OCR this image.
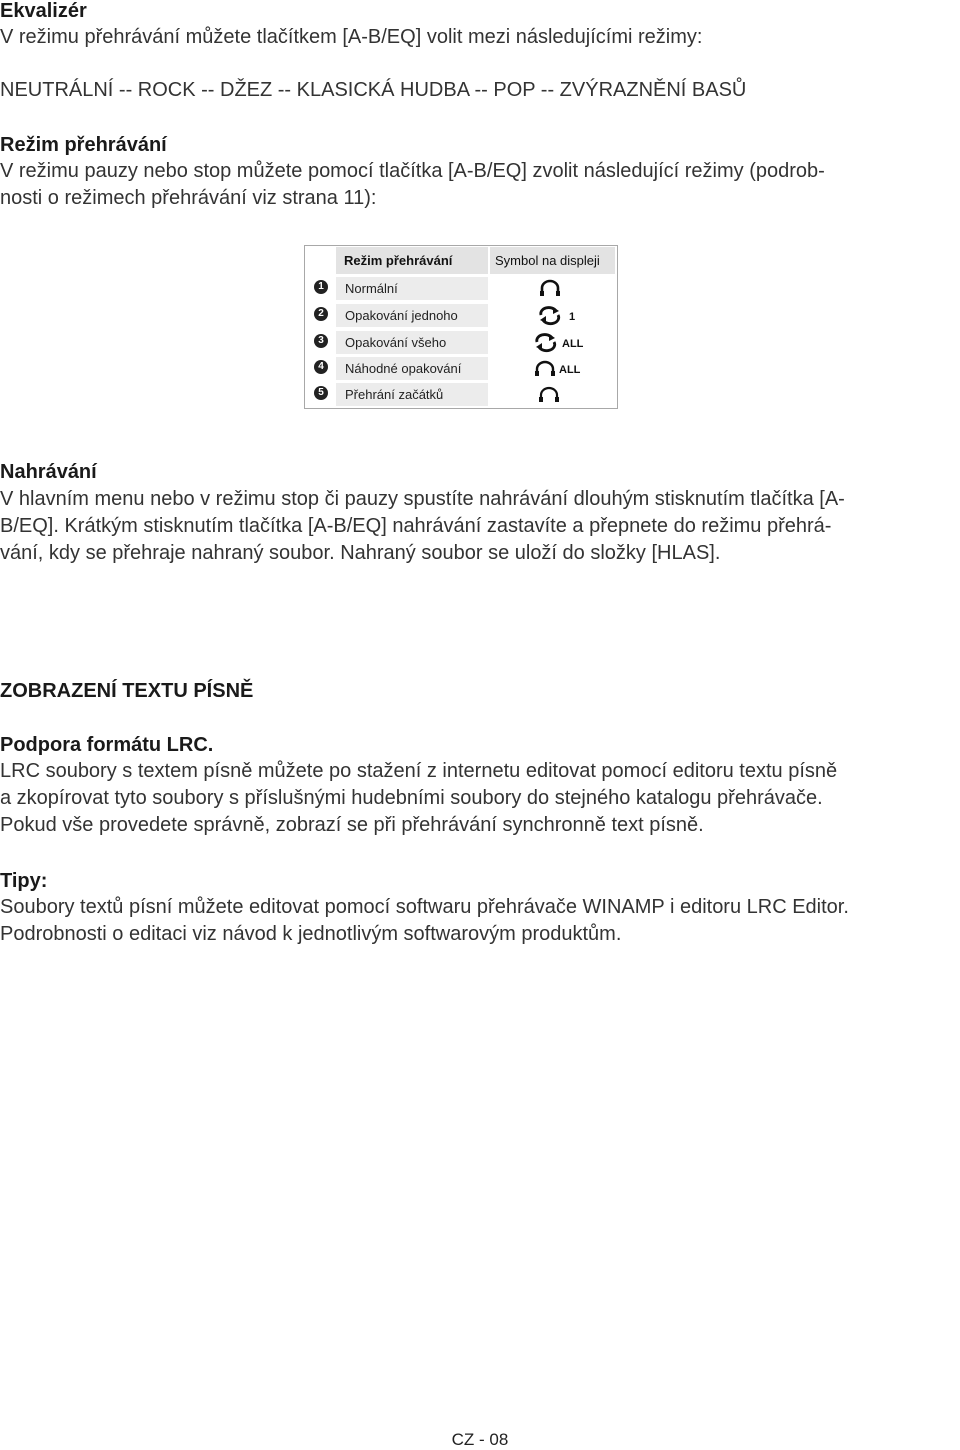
Ekvalizér
V režimu přehrávání můžete tlačítkem [A-B/EQ] volit mezi následujícími režimy:
NEUTRÁLNÍ -- ROCK -- DŽEZ -- KLASICKÁ HUDBA -- POP -- ZVÝRAZNĚNÍ BASŮ
Režim přehrávání
V režimu pauzy nebo stop můžete pomocí tlačítka [A-B/EQ] zvolit následující režimy (podrob-
nosti o režimech přehrávání viz strana 11):
Režim přehrávání	Symbol na displeji
1	Normální
2	Opakování jednoho	1
3	Opakování všeho	ALL
4	Náhodné opakování	ALL
5	Přehrání začátků
Nahrávání
V hlavním menu nebo v režimu stop či pauzy spustíte nahrávání dlouhým stisknutím tlačítka [A-
B/EQ]. Krátkým stisknutím tlačítka [A-B/EQ] nahrávání zastavíte a přepnete do režimu přehrá-
vání, kdy se přehraje nahraný soubor. Nahraný soubor se uloží do složky [HLAS].
ZOBRAZENÍ TEXTU PÍSNĚ
Podpora formátu LRC.
LRC soubory s textem písně můžete po stažení z internetu editovat pomocí editoru textu písně
a zkopírovat tyto soubory s příslušnými hudebními soubory do stejného katalogu přehrávače.
Pokud vše provedete správně, zobrazí se při přehrávání synchronně text písně.
Tipy:
Soubory textů písní můžete editovat pomocí softwaru přehrávače WINAMP i editoru LRC Editor.
Podrobnosti o editaci viz návod k jednotlivým softwarovým produktům.
CZ - 08
